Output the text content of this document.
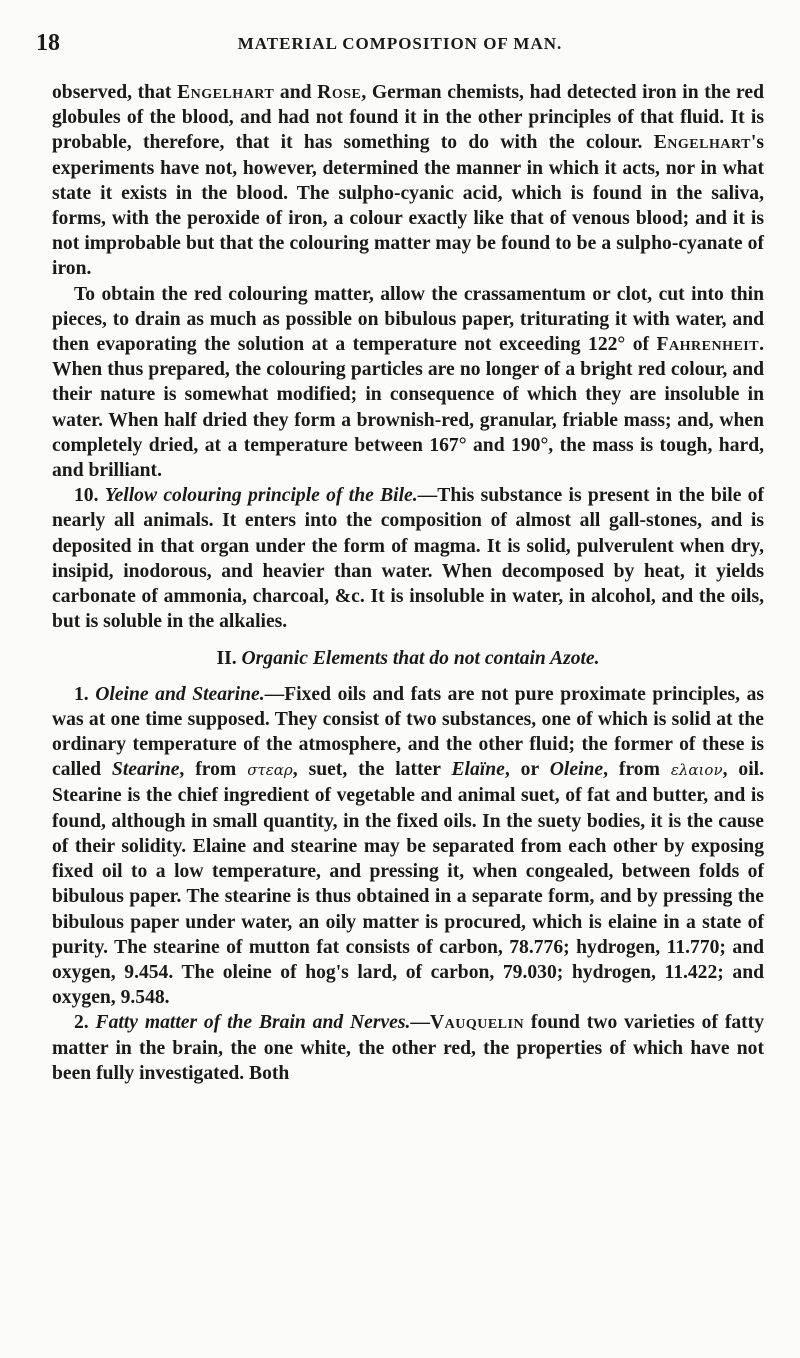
18	MATERIAL COMPOSITION OF MAN.

observed, that Engelhart and Rose, German chemists, had detected iron in the red globules of the blood, and had not found it in the other principles of that fluid. It is probable, therefore, that it has something to do with the colour. Engelhart's experiments have not, however, determined the manner in which it acts, nor in what state it exists in the blood. The sulpho-cyanic acid, which is found in the saliva, forms, with the peroxide of iron, a colour exactly like that of venous blood; and it is not improbable but that the colouring matter may be found to be a sulpho-cyanate of iron.

To obtain the red colouring matter, allow the crassamentum or clot, cut into thin pieces, to drain as much as possible on bibulous paper, triturating it with water, and then evaporating the solution at a temperature not exceeding 122° of Fahrenheit. When thus prepared, the colouring particles are no longer of a bright red colour, and their nature is somewhat modified; in consequence of which they are insoluble in water. When half dried they form a brownish-red, granular, friable mass; and, when completely dried, at a temperature between 167° and 190°, the mass is tough, hard, and brilliant.

10. Yellow colouring principle of the Bile.—This substance is present in the bile of nearly all animals. It enters into the composition of almost all gall-stones, and is deposited in that organ under the form of magma. It is solid, pulverulent when dry, insipid, inodorous, and heavier than water. When decomposed by heat, it yields carbonate of ammonia, charcoal, &c. It is insoluble in water, in alcohol, and the oils, but is soluble in the alkalies.

II. Organic Elements that do not contain Azote.

1. Oleine and Stearine.—Fixed oils and fats are not pure proximate principles, as was at one time supposed. They consist of two substances, one of which is solid at the ordinary temperature of the atmosphere, and the other fluid; the former of these is called Stearine, from στεαρ, suet, the latter Elaïne, or Oleine, from ελαιον, oil. Stearine is the chief ingredient of vegetable and animal suet, of fat and butter, and is found, although in small quantity, in the fixed oils. In the suety bodies, it is the cause of their solidity. Elaine and stearine may be separated from each other by exposing fixed oil to a low temperature, and pressing it, when congealed, between folds of bibulous paper. The stearine is thus obtained in a separate form, and by pressing the bibulous paper under water, an oily matter is procured, which is elaine in a state of purity. The stearine of mutton fat consists of carbon, 78.776; hydrogen, 11.770; and oxygen, 9.454. The oleine of hog's lard, of carbon, 79.030; hydrogen, 11.422; and oxygen, 9.548.

2. Fatty matter of the Brain and Nerves.—Vauquelin found two varieties of fatty matter in the brain, the one white, the other red, the properties of which have not been fully investigated. Both
